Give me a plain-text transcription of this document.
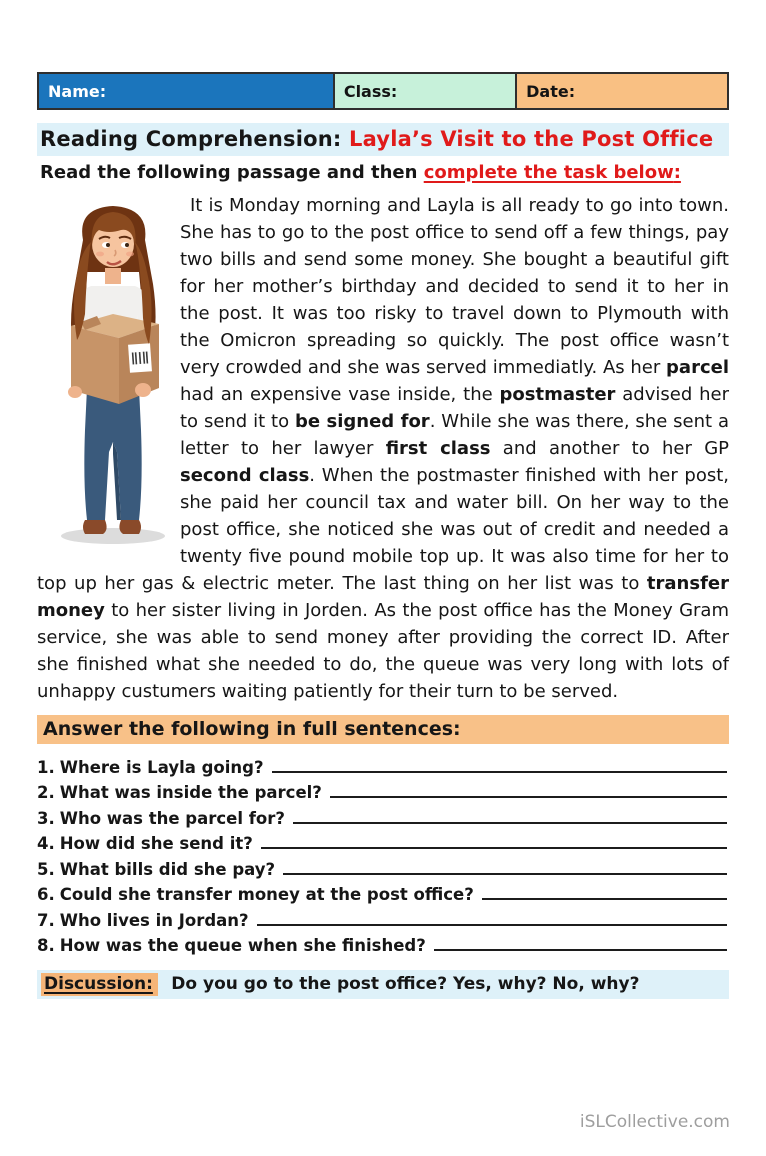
Name:	Class:	Date:
Reading Comprehension: Layla’s Visit to the Post Office
Read the following passage and then complete the task below:
It is Monday morning and Layla is all ready to go into town. She has to go to the post office to send off a few things, pay two bills and send some money. She bought a beautiful gift for her mother’s birthday and decided to send it to her in the post. It was too risky to travel down to Plymouth with the Omicron spreading so quickly. The post office wasn’t very crowded and she was served immediatly. As her parcel had an expensive vase inside, the postmaster advised her to send it to be signed for. While she was there, she sent a letter to her lawyer first class and another to her GP second class. When the postmaster finished with her post, she paid her council tax and water bill. On her way to the post office, she noticed she was out of credit and needed a twenty five pound mobile top up. It was also time for her to top up her gas & electric meter. The last thing on her list was to transfer money to her sister living in Jorden. As the post office has the Money Gram service, she was able to send money after providing the correct ID. After she finished what she needed to do, the queue was very long with lots of unhappy custumers waiting patiently for their turn to be served.
Answer the following in full sentences:
1. Where is Layla going?
2. What was inside the parcel?
3. Who was the parcel for?
4. How did she send it?
5. What bills did she pay?
6. Could she transfer money at the post office?
7. Who lives in Jordan?
8. How was the queue when she finished?
Discussion: Do you go to the post office? Yes, why? No, why?
iSLCollective.com
